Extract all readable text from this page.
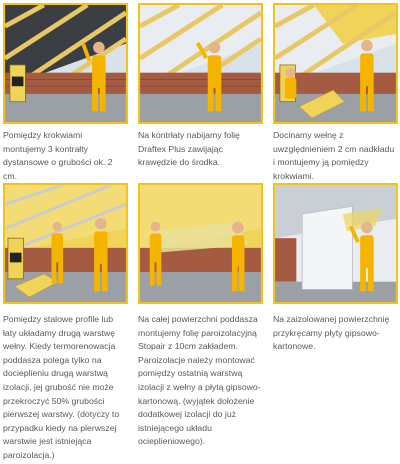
Pomiędzy krokwiami montujemy 3 kontrałty dystansowe o grubości ok. 2 cm.
Na kontrłaty nabijamy folię Draftex Plus zawijając krawędzie do środka.
Docinamy wełnę z uwzględnieniem 2 cm nadkładu i montujemy ją pomiędzy krokwiami.
Pomiędzy stalowe profile lub łaty układamy drugą warstwę wełny. Kiedy termorenowacja poddasza polega tylko na docieplieniu drugą warstwą izolacji, jej grubość nie może przekroczyć 50% grubości pierwszej warstwy. (dotyczy to przypadku kiedy na pierwszej warstwie jest istniejąca paroizolacja.)
Na całej powierzchni poddasza montujemy folię paroizolacyjną Stopair z 10cm zakładem. Paroizolacje należy montować pomiędzy ostatnią warstwą izolacji z wełny a płytą gipsowo-kartonową. (wyjątek dołożenie dodatkowej izolacji do już istniejącego układu ocieplieniowego).
Na zaizolowanej powierzchnię przykręcamy płyty gipsowo-kartonowe.
